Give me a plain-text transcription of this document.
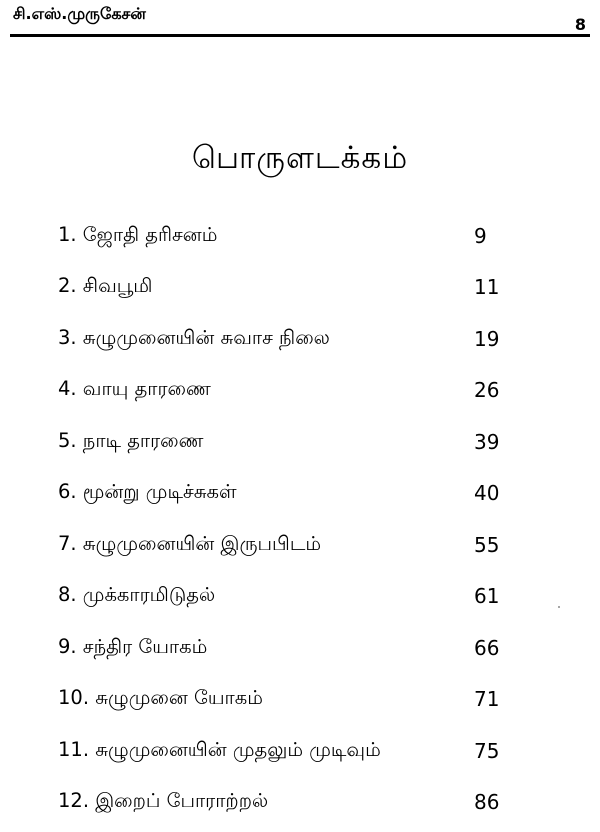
சி.எஸ்.முருகேசன்
8
பொருளடக்கம்
1. ஜோதி தரிசனம்	9
2. சிவபூமி	11
3. சுழுமுனையின் சுவாச நிலை	19
4. வாயு தாரணை	26
5. நாடி தாரணை	39
6. மூன்று முடிச்சுகள்	40
7. சுழுமுனையின் இருபபிடம்	55
8. முக்காரமிடுதல்	61
9. சந்திர யோகம்	66
10. சுழுமுனை யோகம்	71
11. சுழுமுனையின் முதலும் முடிவும்	75
12. இறைப் போராற்றல்	86
